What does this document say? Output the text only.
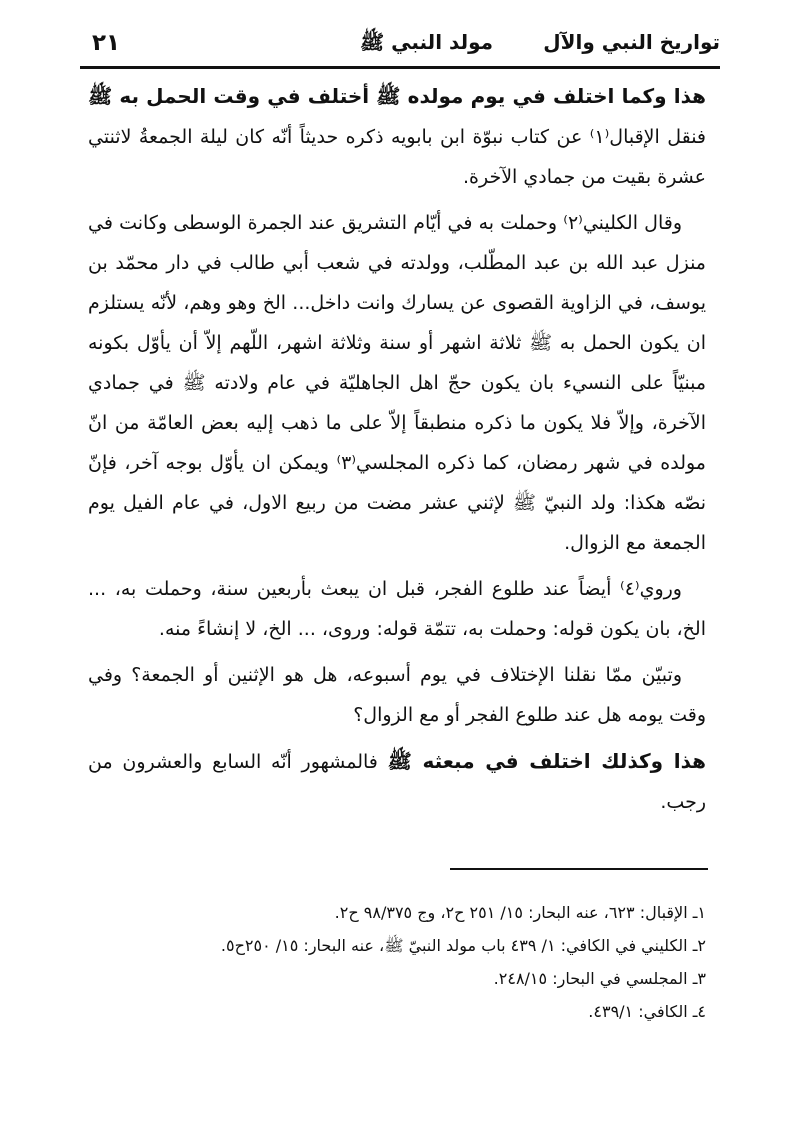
تواريخ النبي والآل
مولد النبي ﷺ
٢١

هذا وكما اختلف في يوم مولده ﷺ أختلف في وقت الحمل به ﷺ فنقل الإقبال⁽١⁾ عن كتاب نبوّة ابن بابويه ذكره حديثاً أنّه كان ليلة الجمعةُ لاثنتي عشرة بقيت من جمادي الآخرة.

وقال الكليني⁽٢⁾ وحملت به في أيّام التشريق عند الجمرة الوسطى وكانت في منزل عبد الله بن عبد المطّلب، وولدته في شعب أبي طالب في دار محمّد بن يوسف، في الزاوية القصوى عن يسارك وانت داخل... الخ وهو وهم، لأنّه يستلزم ان يكون الحمل به ﷺ ثلاثة اشهر أو سنة وثلاثة اشهر، اللّهم إلاّ أن يأوّل بكونه مبنيّاً على النسيء بان يكون حجّ اهل الجاهليّة في عام ولادته ﷺ في جمادي الآخرة، وإلاّ فلا يكون ما ذكره منطبقاً إلاّ على ما ذهب إليه بعض العامّة من انّ مولده في شهر رمضان، كما ذكره المجلسي⁽٣⁾ ويمكن ان يأوّل بوجه آخر، فإنّ نصّه هكذا: ولد النبيّ ﷺ لإثني عشر مضت من ربيع الاول، في عام الفيل يوم الجمعة مع الزوال.

وروي⁽٤⁾ أيضاً عند طلوع الفجر، قبل ان يبعث بأربعين سنة، وحملت به، ... الخ، بان يكون قوله: وحملت به، تتمّة قوله: وروى، ... الخ، لا إنشاءً منه.

وتبيّن ممّا نقلنا الإختلاف في يوم أسبوعه، هل هو الإثنين أو الجمعة؟ وفي وقت يومه هل عند طلوع الفجر أو مع الزوال؟

هذا وكذلك اختلف في مبعثه ﷺ فالمشهور أنّه السابع والعشرون من رجب.

١ـ الإقبال: ٦٢٣، عنه البحار: ١٥/ ٢٥١ ح٢، وج ٩٨/٣٧٥ ح٢.
٢ـ الكليني في الكافي: ١/ ٤٣٩ باب مولد النبيّ ﷺ، عنه البحار: ١٥/ ٢٥٠ح٥.
٣ـ المجلسي في البحار: ٢٤٨/١٥.
٤ـ الكافي: ٤٣٩/١.
